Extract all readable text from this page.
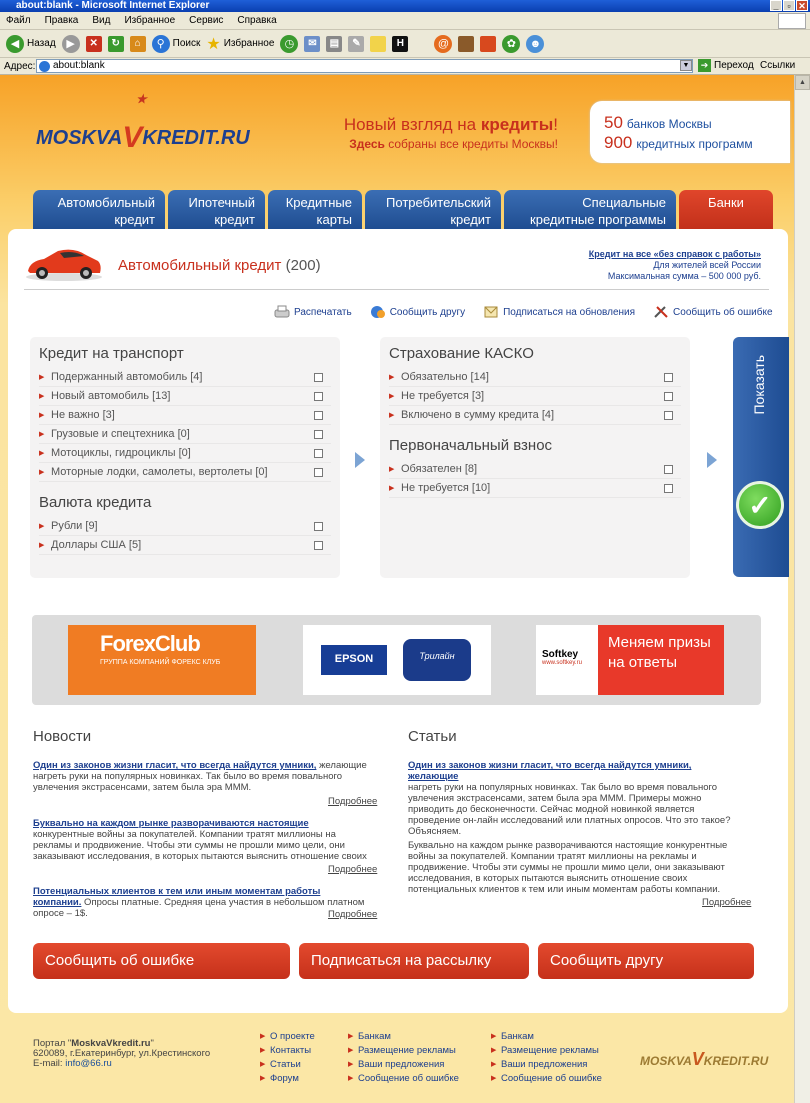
about:blank - Microsoft Internet Explorer	_ ▫ ✕
Файл Правка Вид Избранное Сервис Справка
◀ Назад ▶	✕	↻	⌂	⚲ Поиск ★ Избранное ◷	✉	▤	✎	H	@	✿	☻
Адрес:	about:blank	▼	➔ Переход Ссылки
▲
★
MOSKVAVKREDIT.RU
Новый взгляд на кредиты!
Здесь собраны все кредиты Москвы!
50 банков Москвы
900 кредитных программ
Автомобильный
кредит
Ипотечный
кредит
Кредитные
карты
Потребительский
кредит
Специальные
кредитные программы
Банки
Автомобильный кредит (200)
Кредит на все «без справок с работы»
Для жителей всей России
Максимальная сумма – 500 000 руб.
Распечатать	Сообщить другу	Подписаться на обновления	Сообщить об ошибке
Кредит на транспорт
▶ Подержанный автомобиль [4]
▶ Новый автомобиль [13]
▶ Не важно [3]
▶ Грузовые и спецтехника [0]
▶ Мотоциклы, гидроциклы [0]
▶ Моторные лодки, самолеты, вертолеты [0]
Валюта кредита
▶ Рубли [9]
▶ Доллары США [5]
Страхование КАСКО
▶ Обязательно [14]
▶ Не требуется [3]
▶ Включено в сумму кредита [4]
Первоначальный взнос
▶ Обязателен [8]
▶ Не требуется [10]
Показать
✓
ForexClub
ГРУППА КОМПАНИЙ ФОРЕКС КЛУБ	EPSON	Трилайн	Softkey
www.softkey.ru
Меняем призы на ответы
Новости
Один из законов жизни гласит, что всегда найдутся умники, желающие нагреть руки на популярных новинках. Так было во время повального увлечения экстрасенсами, затем была эра МММ.
Подробнее
Буквально на каждом рынке разворачиваются настоящие конкурентные войны за покупателей. Компании тратят миллионы на рекламы и продвижение. Чтобы эти суммы не прошли мимо цели, они заказывают исследования, в которых пытаются выяснить отношение своих
Подробнее
Потенциальных клиентов к тем или иным моментам работы компании. Опросы платные. Средняя цена участия в небольшом платном опросе – 1$.	Подробнее
Статьи
Один из законов жизни гласит, что всегда найдутся умники, желающие
нагреть руки на популярных новинках. Так было во время повального увлечения экстрасенсами, затем была эра МММ. Примеры можно приводить до бесконечности. Сейчас модной новинкой является проведение он-лайн исследований или платных опросов. Что это такое? Объясняем.
Буквально на каждом рынке разворачиваются настоящие конкурентные войны за покупателей. Компании тратят миллионы на рекламы и продвижение. Чтобы эти суммы не прошли мимо цели, они заказывают исследования, в которых пытаются выяснить отношение своих потенциальных клиентов к тем или иным моментам работы компании.
Подробнее
Сообщить об ошибке	Подписаться на рассылку	Сообщить другу
Портал "MoskvaVkredit.ru"
620089, г.Екатеринбург, ул.Крестинского
E-mail: info@66.ru
▶ О проекте
▶ Контакты
▶ Статьи
▶ Форум
▶ Банкам
▶ Размещение рекламы
▶ Ваши предложения
▶ Сообщение об ошибке
▶ Банкам
▶ Размещение рекламы
▶ Ваши предложения
▶ Сообщение об ошибке
MOSKVAVKREDIT.RU
